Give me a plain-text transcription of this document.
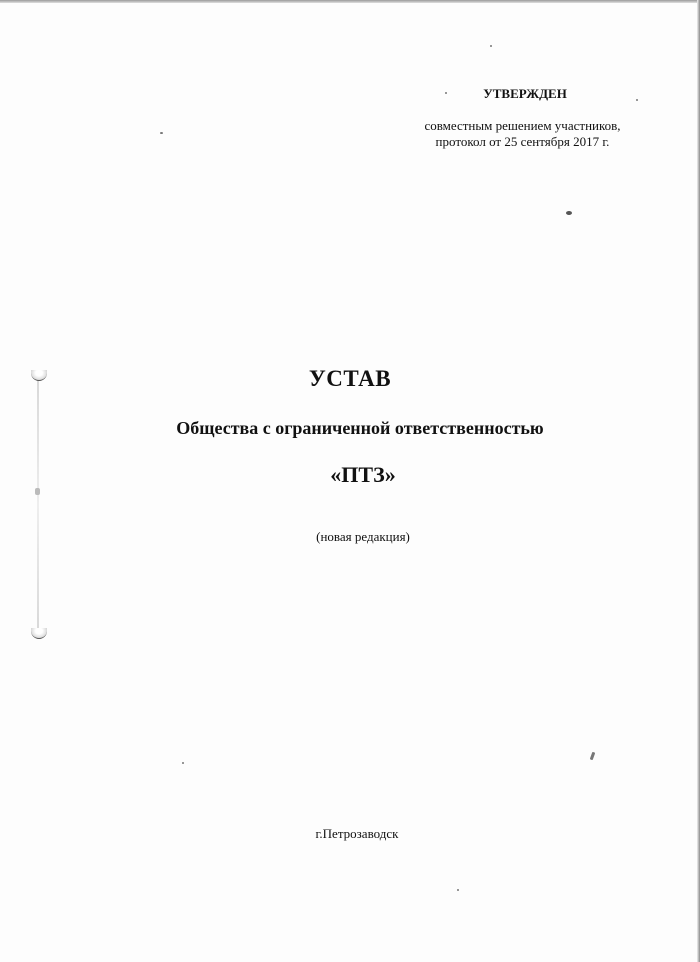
УТВЕРЖДЕН
совместным решением участников,
протокол от 25 сентября 2017 г.
УСТАВ
Общества с ограниченной ответственностью
«ПТЗ»
(новая редакция)
г.Петрозаводск
